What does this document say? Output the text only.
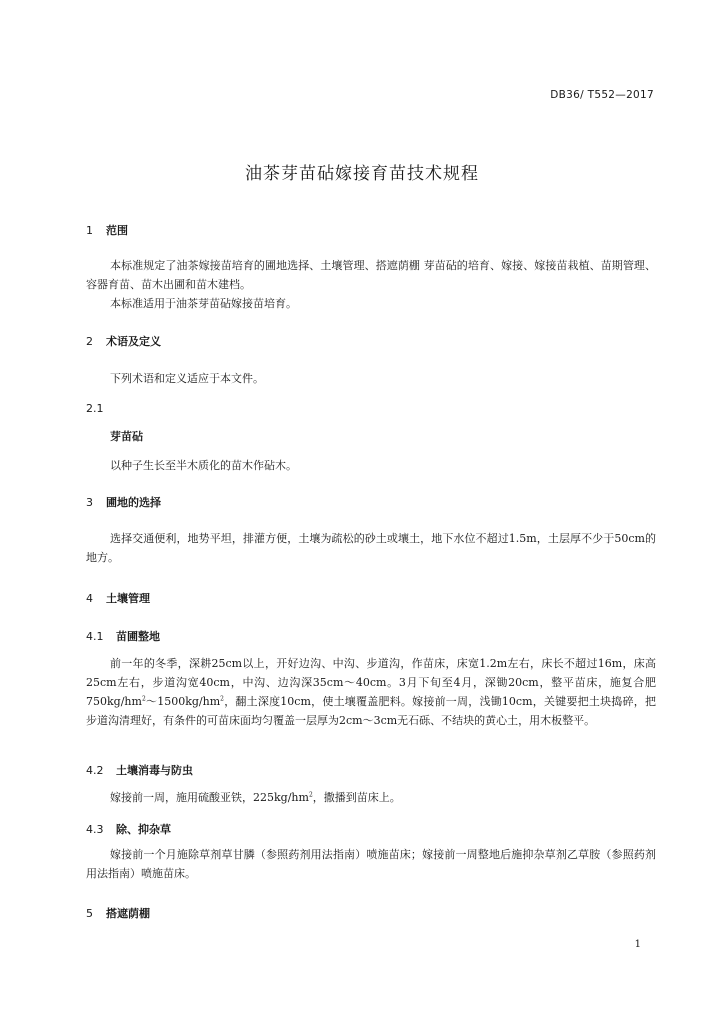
DB36/ T552—2017
油茶芽苗砧嫁接育苗技术规程
1 范围
本标准规定了油茶嫁接苗培育的圃地选择、土壤管理、搭遮荫棚 芽苗砧的培育、嫁接、嫁接苗栽植、苗期管理、容器育苗、苗木出圃和苗木建档。
本标准适用于油茶芽苗砧嫁接苗培育。
2 术语及定义
下列术语和定义适应于本文件。
2.1
芽苗砧
以种子生长至半木质化的苗木作砧木。
3 圃地的选择
选择交通便利，地势平坦，排灌方便，土壤为疏松的砂土或壤土，地下水位不超过1.5m，土层厚不少于50cm的地方。
4 土壤管理
4.1 苗圃整地
前一年的冬季，深耕25cm以上，开好边沟、中沟、步道沟，作苗床，床宽1.2m左右，床长不超过16m，床高25cm左右，步道沟宽40cm，中沟、边沟深35cm～40cm。3月下旬至4月，深锄20cm，整平苗床，施复合肥$750kg/hm^2\sim 1500kg/hm^2$，翻土深度10cm，使土壤覆盖肥料。嫁接前一周，浅锄10cm，关键要把土块捣碎，把步道沟清理好，有条件的可苗床面均匀覆盖一层厚为2cm～3cm无石砾、不结块的黄心土，用木板整平。
4.2 土壤消毒与防虫
嫁接前一周，施用硫酸亚铁，$225kg/hm^2$，撒播到苗床上。
4.3 除、抑杂草
嫁接前一个月施除草剂草甘膦（参照药剂用法指南）喷施苗床；嫁接前一周整地后施抑杂草剂乙草胺（参照药剂用法指南）喷施苗床。
5 搭遮荫棚
1
